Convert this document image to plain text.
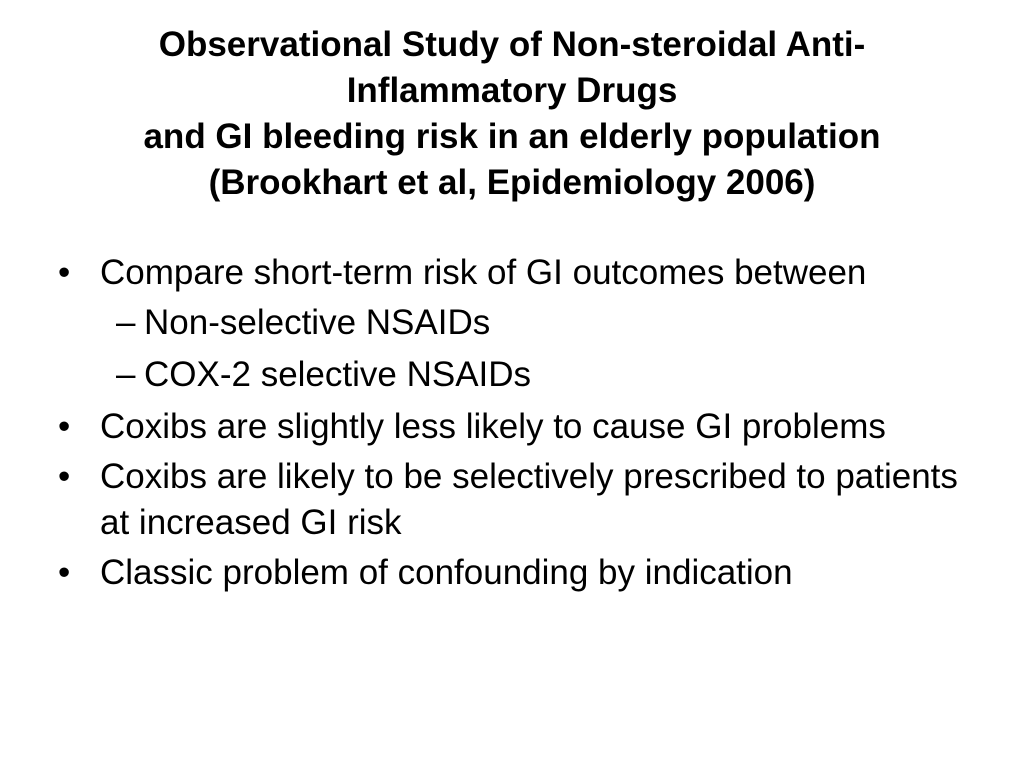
Observational Study of Non-steroidal Anti-
Inflammatory Drugs
and GI bleeding risk in an elderly population
(Brookhart et al, Epidemiology 2006)
• Compare short-term risk of GI outcomes between
– Non-selective NSAIDs
– COX-2 selective NSAIDs
• Coxibs are slightly less likely to cause GI problems
• Coxibs are likely to be selectively prescribed to patients at increased GI risk
• Classic problem of confounding by indication
